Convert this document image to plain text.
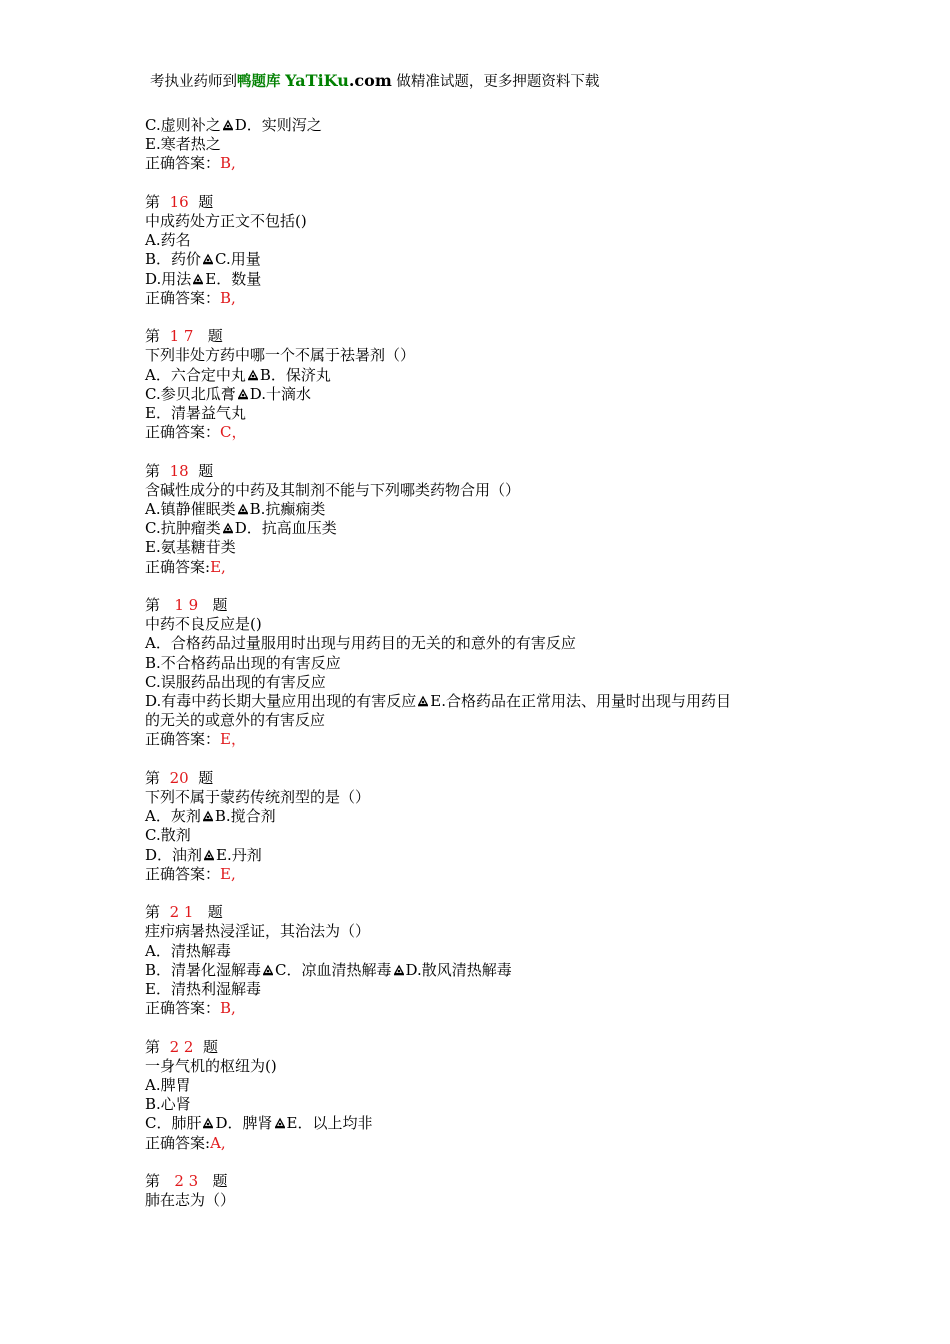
考执业药师到鸭题库 YaTiKu.com 做精准试题，更多押题资料下载
C.虚则补之 D．实则泻之
E.寒者热之
正确答案：B,
第 16 题
中成药处方正文不包括()
A.药名
B．药价 C.用量
D.用法 E．数量
正确答案：B,
第 1 7 题
下列非处方药中哪一个不属于祛暑剂（）
A．六合定中丸 B．保济丸
C.参贝北瓜膏 D.十滴水
E．清暑益气丸
正确答案：C，
第 18 题
含碱性成分的中药及其制剂不能与下列哪类药物合用（）
A.镇静催眠类 B.抗癫痫类
C.抗肿瘤类 D．抗高血压类
E.氨基糖苷类
正确答案:E,
第 1 9 题
中药不良反应是()
A．合格药品过量服用时出现与用药目的无关的和意外的有害反应
B.不合格药品出现的有害反应
C.误服药品出现的有害反应
D.有毒中药长期大量应用出现的有害反应 E.合格药品在正常用法、用量时出现与用药目
的无关的或意外的有害反应
正确答案：E，
第 20 题
下列不属于蒙药传统剂型的是（）
A．灰剂 B.搅合剂
C.散剂
D．油剂 E.丹剂
正确答案：E,
第 2 1 题
疰疖病暑热浸淫证，其治法为（）
A．清热解毒
B．清暑化湿解毒 C．凉血清热解毒 D.散风清热解毒
E．清热利湿解毒
正确答案：B,
第 2 2 题
一身气机的枢纽为()
A.脾胃
B.心肾
C．肺肝 D．脾肾 E．以上均非
正确答案:A,
第 2 3 题
肺在志为（）
